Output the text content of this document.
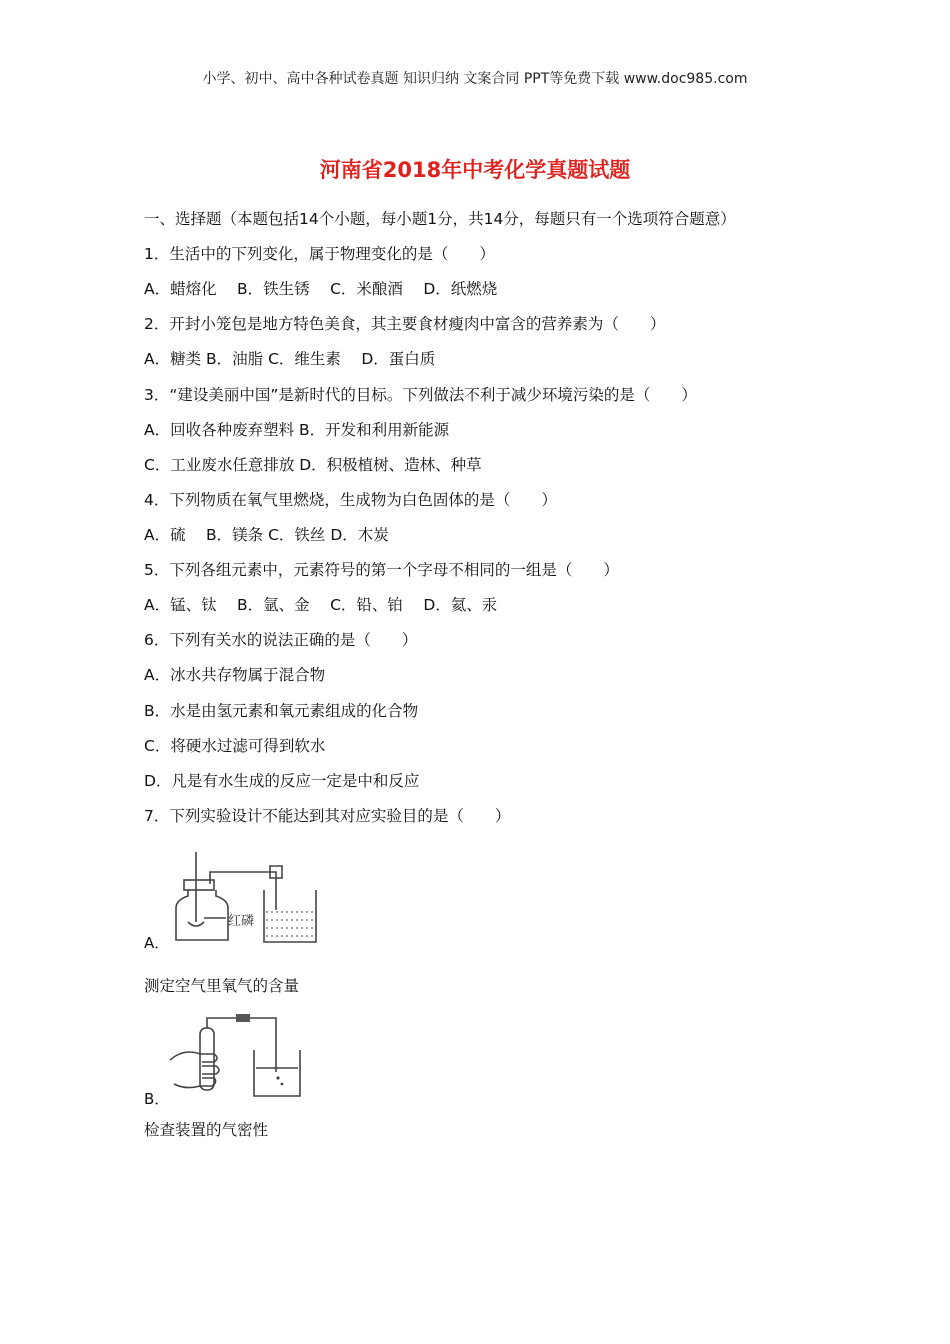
小学、初中、高中各种试卷真题 知识归纳 文案合同 PPT等免费下载 www.doc985.com
河南省2018年中考化学真题试题
一、选择题（本题包括14个小题，每小题1分，共14分，每题只有一个选项符合题意）
1．生活中的下列变化，属于物理变化的是（　　）
A．蜡熔化　 B．铁生锈　 C．米酿酒　 D．纸燃烧
2．开封小笼包是地方特色美食，其主要食材瘦肉中富含的营养素为（　　）
A．糖类 B．油脂 C．维生素　 D．蛋白质
3．“建设美丽中国”是新时代的目标。下列做法不利于减少环境污染的是（　　）
A．回收各种废弃塑料 B．开发和利用新能源
C．工业废水任意排放 D．积极植树、造林、种草
4．下列物质在氧气里燃烧，生成物为白色固体的是（　　）
A．硫　 B．镁条 C．铁丝 D．木炭
5．下列各组元素中，元素符号的第一个字母不相同的一组是（　　）
A．锰、钛　 B．氩、金　 C．铅、铂　 D．氦、汞
6．下列有关水的说法正确的是（　　）
A．冰水共存物属于混合物
B．水是由氢元素和氧元素组成的化合物
C．将硬水过滤可得到软水
D．凡是有水生成的反应一定是中和反应
7．下列实验设计不能达到其对应实验目的是（　　）
红磷
A．
测定空气里氧气的含量
B．
检查装置的气密性
